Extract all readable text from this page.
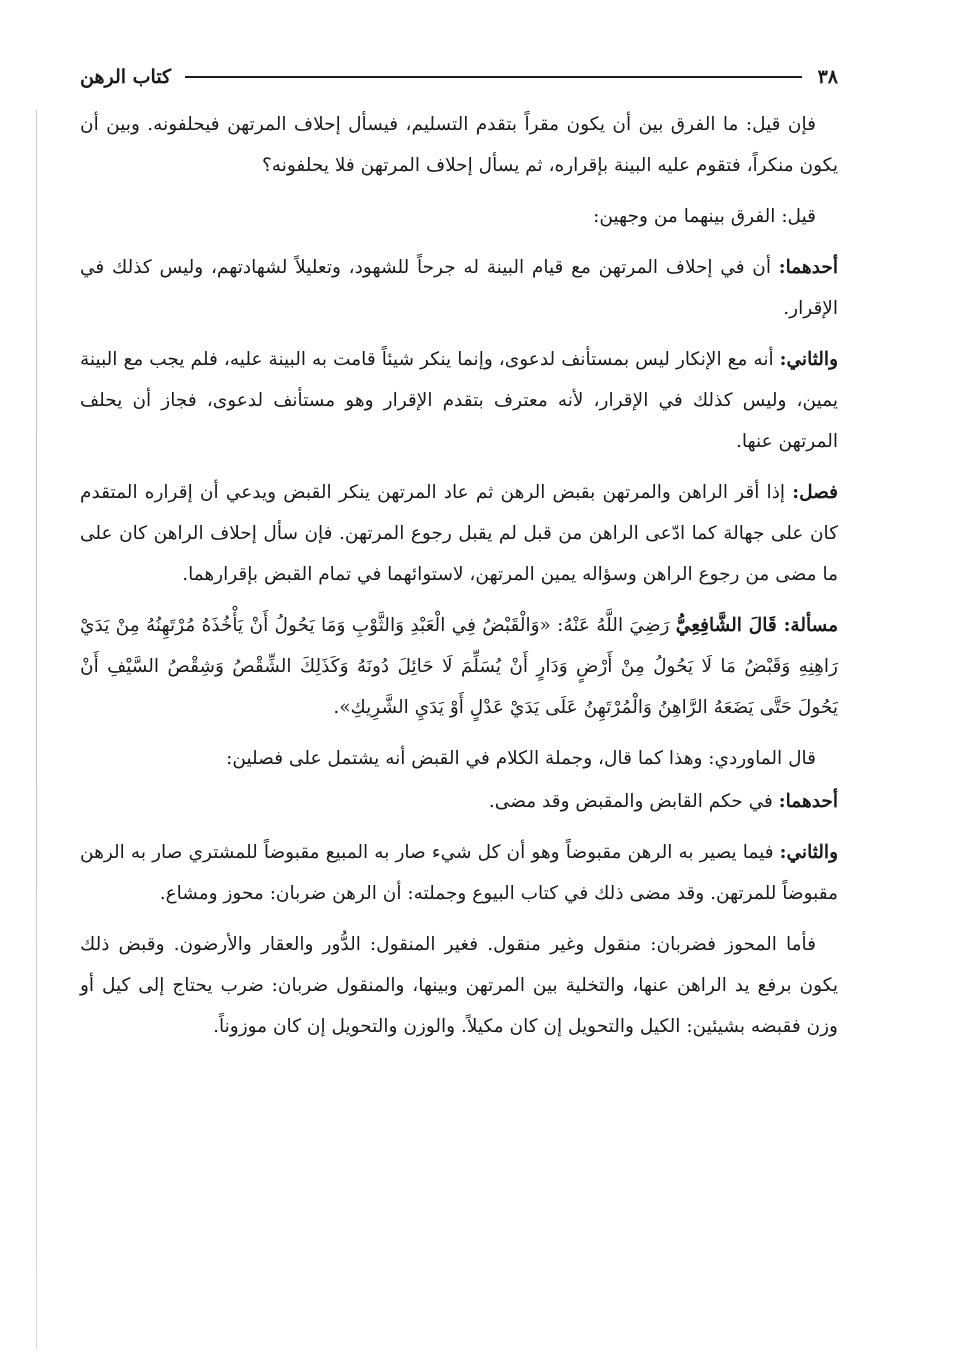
٣٨
كتاب الرهن

فإن قيل: ما الفرق بين أن يكون مقراً بتقدم التسليم، فيسأل إحلاف المرتهن فيحلفونه. وبين أن يكون منكراً، فتقوم عليه البينة بإقراره، ثم يسأل إحلاف المرتهن فلا يحلفونه؟

قيل: الفرق بينهما من وجهين:

أحدهما: أن في إحلاف المرتهن مع قيام البينة له جرحاً للشهود، وتعليلاً لشهادتهم، وليس كذلك في الإقرار.

والثاني: أنه مع الإنكار ليس بمستأنف لدعوى، وإنما ينكر شيئاً قامت به البينة عليه، فلم يجب مع البينة يمين، وليس كذلك في الإقرار، لأنه معترف بتقدم الإقرار وهو مستأنف لدعوى، فجاز أن يحلف المرتهن عنها.

فصل: إذا أقر الراهن والمرتهن بقبض الرهن ثم عاد المرتهن ينكر القبض ويدعي أن إقراره المتقدم كان على جهالة كما ادّعى الراهن من قبل لم يقبل رجوع المرتهن. فإن سأل إحلاف الراهن كان على ما مضى من رجوع الراهن وسؤاله يمين المرتهن، لاستوائهما في تمام القبض بإقرارهما.

مسألة: قَالَ الشَّافِعِيُّ رَضِيَ اللَّهُ عَنْهُ: «وَالْقَبْضُ فِي الْعَبْدِ وَالثَّوْبِ وَمَا يَحُولُ أَنْ يَأْخُذَهُ مُرْتَهِنُهُ مِنْ يَدَيْ رَاهِنِهِ وَقَبْضُ مَا لَا يَحُولُ مِنْ أَرْضٍ وَدَارٍ أَنْ يُسَلِّمَ لَا حَائِلَ دُونَهُ وَكَذَلِكَ الشِّقْصُ وَشِقْصُ السَّيْفِ أَنْ يَحُولَ حَتَّى يَضَعَهُ الرَّاهِنُ وَالْمُرْتَهِنُ عَلَى يَدَيْ عَدْلٍ أَوْ يَدَيِ الشَّرِيكِ».

قال الماوردي: وهذا كما قال، وجملة الكلام في القبض أنه يشتمل على فصلين:

أحدهما: في حكم القابض والمقبض وقد مضى.

والثاني: فيما يصير به الرهن مقبوضاً وهو أن كل شيء صار به المبيع مقبوضاً للمشتري صار به الرهن مقبوضاً للمرتهن. وقد مضى ذلك في كتاب البيوع وجملته: أن الرهن ضربان: محوز ومشاع.

فأما المحوز فضربان: منقول وغير منقول. فغير المنقول: الدُّور والعقار والأرضون. وقبض ذلك يكون برفع يد الراهن عنها، والتخلية بين المرتهن وبينها، والمنقول ضربان: ضرب يحتاج إلى كيل أو وزن فقبضه بشيئين: الكيل والتحويل إن كان مكيلاً. والوزن والتحويل إن كان موزوناً.
